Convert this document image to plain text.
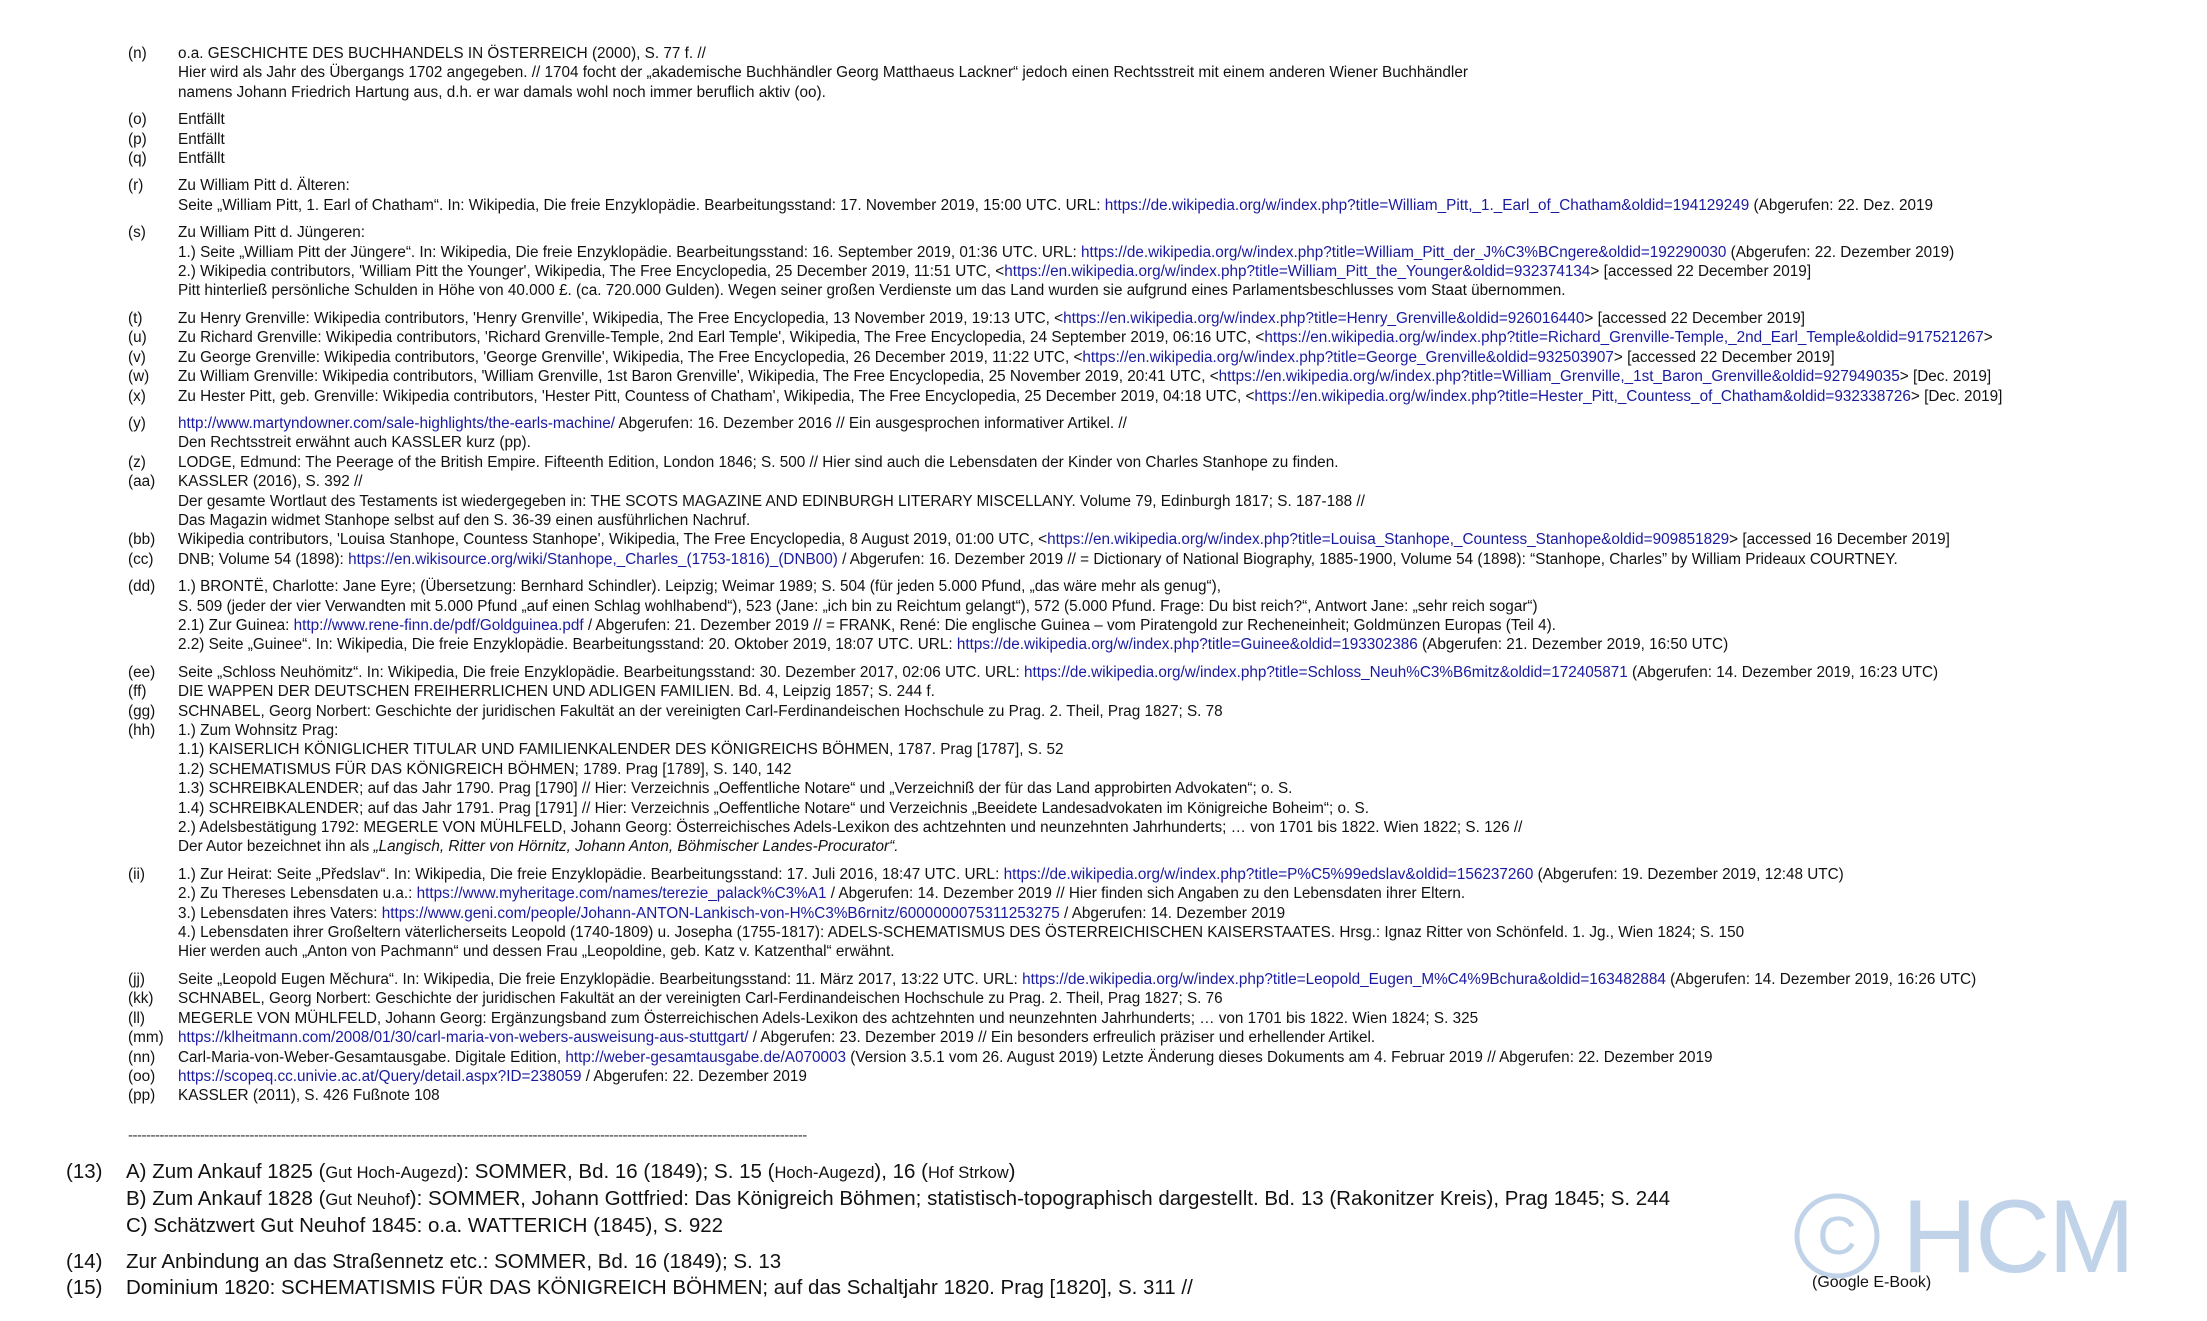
(n)	o.a. GESCHICHTE DES BUCHHANDELS IN ÖSTERREICH (2000), S. 77 f. //
Hier wird als Jahr des Übergangs 1702 angegeben. // 1704 focht der „akademische Buchhändler Georg Matthaeus Lackner“ jedoch einen Rechtsstreit mit einem anderen Wiener Buchhändler
namens Johann Friedrich Hartung aus, d.h. er war damals wohl noch immer beruflich aktiv (oo).
(o)	Entfällt
(p)	Entfällt
(q)	Entfällt
(r)	Zu William Pitt d. Älteren:
Seite „William Pitt, 1. Earl of Chatham“. In: Wikipedia, Die freie Enzyklopädie. Bearbeitungsstand: 17. November 2019, 15:00 UTC. URL: https://de.wikipedia.org/w/index.php?title=William_Pitt,_1._Earl_of_Chatham&oldid=194129249 (Abgerufen: 22. Dez. 2019
(s)	Zu William Pitt d. Jüngeren:
1.) Seite „William Pitt der Jüngere“. In: Wikipedia, Die freie Enzyklopädie. Bearbeitungsstand: 16. September 2019, 01:36 UTC. URL: https://de.wikipedia.org/w/index.php?title=William_Pitt_der_J%C3%BCngere&oldid=192290030 (Abgerufen: 22. Dezember 2019)
2.) Wikipedia contributors, 'William Pitt the Younger', Wikipedia, The Free Encyclopedia, 25 December 2019, 11:51 UTC, <https://en.wikipedia.org/w/index.php?title=William_Pitt_the_Younger&oldid=932374134> [accessed 22 December 2019]
Pitt hinterließ persönliche Schulden in Höhe von 40.000 £. (ca. 720.000 Gulden). Wegen seiner großen Verdienste um das Land wurden sie aufgrund eines Parlamentsbeschlusses vom Staat übernommen.
(t)	Zu Henry Grenville: Wikipedia contributors, 'Henry Grenville', Wikipedia, The Free Encyclopedia, 13 November 2019, 19:13 UTC, <https://en.wikipedia.org/w/index.php?title=Henry_Grenville&oldid=926016440> [accessed 22 December 2019]
(u)	Zu Richard Grenville: Wikipedia contributors, 'Richard Grenville-Temple, 2nd Earl Temple', Wikipedia, The Free Encyclopedia, 24 September 2019, 06:16 UTC, <https://en.wikipedia.org/w/index.php?title=Richard_Grenville-Temple,_2nd_Earl_Temple&oldid=917521267>
(v)	Zu George Grenville: Wikipedia contributors, 'George Grenville', Wikipedia, The Free Encyclopedia, 26 December 2019, 11:22 UTC, <https://en.wikipedia.org/w/index.php?title=George_Grenville&oldid=932503907> [accessed 22 December 2019]
(w)	Zu William Grenville: Wikipedia contributors, 'William Grenville, 1st Baron Grenville', Wikipedia, The Free Encyclopedia, 25 November 2019, 20:41 UTC, <https://en.wikipedia.org/w/index.php?title=William_Grenville,_1st_Baron_Grenville&oldid=927949035> [Dec. 2019]
(x)	Zu Hester Pitt, geb. Grenville: Wikipedia contributors, 'Hester Pitt, Countess of Chatham', Wikipedia, The Free Encyclopedia, 25 December 2019, 04:18 UTC, <https://en.wikipedia.org/w/index.php?title=Hester_Pitt,_Countess_of_Chatham&oldid=932338726> [Dec. 2019]
(y)	http://www.martyndowner.com/sale-highlights/the-earls-machine/ Abgerufen: 16. Dezember 2016 // Ein ausgesprochen informativer Artikel. //
Den Rechtsstreit erwähnt auch KASSLER kurz (pp).
(z)	LODGE, Edmund: The Peerage of the British Empire. Fifteenth Edition, London 1846; S. 500 // Hier sind auch die Lebensdaten der Kinder von Charles Stanhope zu finden.
(aa)	KASSLER (2016), S. 392 //
Der gesamte Wortlaut des Testaments ist wiedergegeben in: THE SCOTS MAGAZINE AND EDINBURGH LITERARY MISCELLANY. Volume 79, Edinburgh 1817; S. 187-188 //
Das Magazin widmet Stanhope selbst auf den S. 36-39 einen ausführlichen Nachruf.
(bb)	Wikipedia contributors, 'Louisa Stanhope, Countess Stanhope', Wikipedia, The Free Encyclopedia, 8 August 2019, 01:00 UTC, <https://en.wikipedia.org/w/index.php?title=Louisa_Stanhope,_Countess_Stanhope&oldid=909851829> [accessed 16 December 2019]
(cc)	DNB; Volume 54 (1898): https://en.wikisource.org/wiki/Stanhope,_Charles_(1753-1816)_(DNB00) / Abgerufen: 16. Dezember 2019 // = Dictionary of National Biography, 1885-1900, Volume 54 (1898): “Stanhope, Charles” by William Prideaux COURTNEY.
(dd)	1.) BRONTË, Charlotte: Jane Eyre; (Übersetzung: Bernhard Schindler). Leipzig; Weimar 1989; S. 504 (für jeden 5.000 Pfund, „das wäre mehr als genug“),
S. 509 (jeder der vier Verwandten mit 5.000 Pfund „auf einen Schlag wohlhabend“), 523 (Jane: „ich bin zu Reichtum gelangt“), 572 (5.000 Pfund. Frage: Du bist reich?“, Antwort Jane: „sehr reich sogar“)
2.1) Zur Guinea: http://www.rene-finn.de/pdf/Goldguinea.pdf / Abgerufen: 21. Dezember 2019 // = FRANK, René: Die englische Guinea – vom Piratengold zur Recheneinheit; Goldmünzen Europas (Teil 4).
2.2) Seite „Guinee“. In: Wikipedia, Die freie Enzyklopädie. Bearbeitungsstand: 20. Oktober 2019, 18:07 UTC. URL: https://de.wikipedia.org/w/index.php?title=Guinee&oldid=193302386 (Abgerufen: 21. Dezember 2019, 16:50 UTC)
(ee)	Seite „Schloss Neuhömitz“. In: Wikipedia, Die freie Enzyklopädie. Bearbeitungsstand: 30. Dezember 2017, 02:06 UTC. URL: https://de.wikipedia.org/w/index.php?title=Schloss_Neuh%C3%B6mitz&oldid=172405871 (Abgerufen: 14. Dezember 2019, 16:23 UTC)
(ff)	DIE WAPPEN DER DEUTSCHEN FREIHERRLICHEN UND ADLIGEN FAMILIEN. Bd. 4, Leipzig 1857; S. 244 f.
(gg)	SCHNABEL, Georg Norbert: Geschichte der juridischen Fakultät an der vereinigten Carl-Ferdinandeischen Hochschule zu Prag. 2. Theil, Prag 1827; S. 78
(hh)	1.) Zum Wohnsitz Prag:
1.1) KAISERLICH KÖNIGLICHER TITULAR UND FAMILIENKALENDER DES KÖNIGREICHS BÖHMEN, 1787. Prag [1787], S. 52
1.2) SCHEMATISMUS FÜR DAS KÖNIGREICH BÖHMEN; 1789. Prag [1789], S. 140, 142
1.3) SCHREIBKALENDER; auf das Jahr 1790. Prag [1790] // Hier: Verzeichnis „Oeffentliche Notare“ und „Verzeichniß der für das Land approbirten Advokaten“; o. S.
1.4) SCHREIBKALENDER; auf das Jahr 1791. Prag [1791] // Hier: Verzeichnis „Oeffentliche Notare“ und Verzeichnis „Beeidete Landesadvokaten im Königreiche Boheim“; o. S.
2.) Adelsbestätigung 1792: MEGERLE VON MÜHLFELD, Johann Georg: Österreichisches Adels-Lexikon des achtzehnten und neunzehnten Jahrhunderts; … von 1701 bis 1822. Wien 1822; S. 126 //
Der Autor bezeichnet ihn als „Langisch, Ritter von Hörnitz, Johann Anton, Böhmischer Landes-Procurator“.
(ii)	1.) Zur Heirat: Seite „Předslav“. In: Wikipedia, Die freie Enzyklopädie. Bearbeitungsstand: 17. Juli 2016, 18:47 UTC. URL: https://de.wikipedia.org/w/index.php?title=P%C5%99edslav&oldid=156237260 (Abgerufen: 19. Dezember 2019, 12:48 UTC)
2.) Zu Thereses Lebensdaten u.a.: https://www.myheritage.com/names/terezie_palack%C3%A1 / Abgerufen: 14. Dezember 2019 // Hier finden sich Angaben zu den Lebensdaten ihrer Eltern.
3.) Lebensdaten ihres Vaters: https://www.geni.com/people/Johann-ANTON-Lankisch-von-H%C3%B6rnitz/6000000075311253275 / Abgerufen: 14. Dezember 2019
4.) Lebensdaten ihrer Großeltern väterlicherseits Leopold (1740-1809) u. Josepha (1755-1817): ADELS-SCHEMATISMUS DES ÖSTERREICHISCHEN KAISERSTAATES. Hrsg.: Ignaz Ritter von Schönfeld. 1. Jg., Wien 1824; S. 150
Hier werden auch „Anton von Pachmann“ und dessen Frau „Leopoldine, geb. Katz v. Katzenthal“ erwähnt.
(jj)	Seite „Leopold Eugen Měchura“. In: Wikipedia, Die freie Enzyklopädie. Bearbeitungsstand: 11. März 2017, 13:22 UTC. URL: https://de.wikipedia.org/w/index.php?title=Leopold_Eugen_M%C4%9Bchura&oldid=163482884 (Abgerufen: 14. Dezember 2019, 16:26 UTC)
(kk)	SCHNABEL, Georg Norbert: Geschichte der juridischen Fakultät an der vereinigten Carl-Ferdinandeischen Hochschule zu Prag. 2. Theil, Prag 1827; S. 76
(ll)	MEGERLE VON MÜHLFELD, Johann Georg: Ergänzungsband zum Österreichischen Adels-Lexikon des achtzehnten und neunzehnten Jahrhunderts; … von 1701 bis 1822. Wien 1824; S. 325
(mm) https://klheitmann.com/2008/01/30/carl-maria-von-webers-ausweisung-aus-stuttgart/ / Abgerufen: 23. Dezember 2019 // Ein besonders erfreulich präziser und erhellender Artikel.
(nn)	Carl-Maria-von-Weber-Gesamtausgabe. Digitale Edition, http://weber-gesamtausgabe.de/A070003 (Version 3.5.1 vom 26. August 2019) Letzte Änderung dieses Dokuments am 4. Februar 2019 // Abgerufen: 22. Dezember 2019
(oo)	https://scopeq.cc.univie.ac.at/Query/detail.aspx?ID=238059 / Abgerufen: 22. Dezember 2019
(pp)	KASSLER (2011), S. 426 Fußnote 108
-------------------------------------------------------------------------------------------------------------------------------------------------------
(13)	A) Zum Ankauf 1825 (Gut Hoch-Augezd): SOMMER, Bd. 16 (1849); S. 15 (Hoch-Augezd), 16 (Hof Strkow)
B) Zum Ankauf 1828 (Gut Neuhof): SOMMER, Johann Gottfried: Das Königreich Böhmen; statistisch-topographisch dargestellt. Bd. 13 (Rakonitzer Kreis), Prag 1845; S. 244
C) Schätzwert Gut Neuhof 1845: o.a. WATTERICH (1845), S. 922
(14)	Zur Anbindung an das Straßennetz etc.: SOMMER, Bd. 16 (1849); S. 13
(15)	Dominium 1820: SCHEMATISMIS FÜR DAS KÖNIGREICH BÖHMEN; auf das Schaltjahr 1820. Prag [1820], S. 311 //
C HCM
(Google E-Book)
